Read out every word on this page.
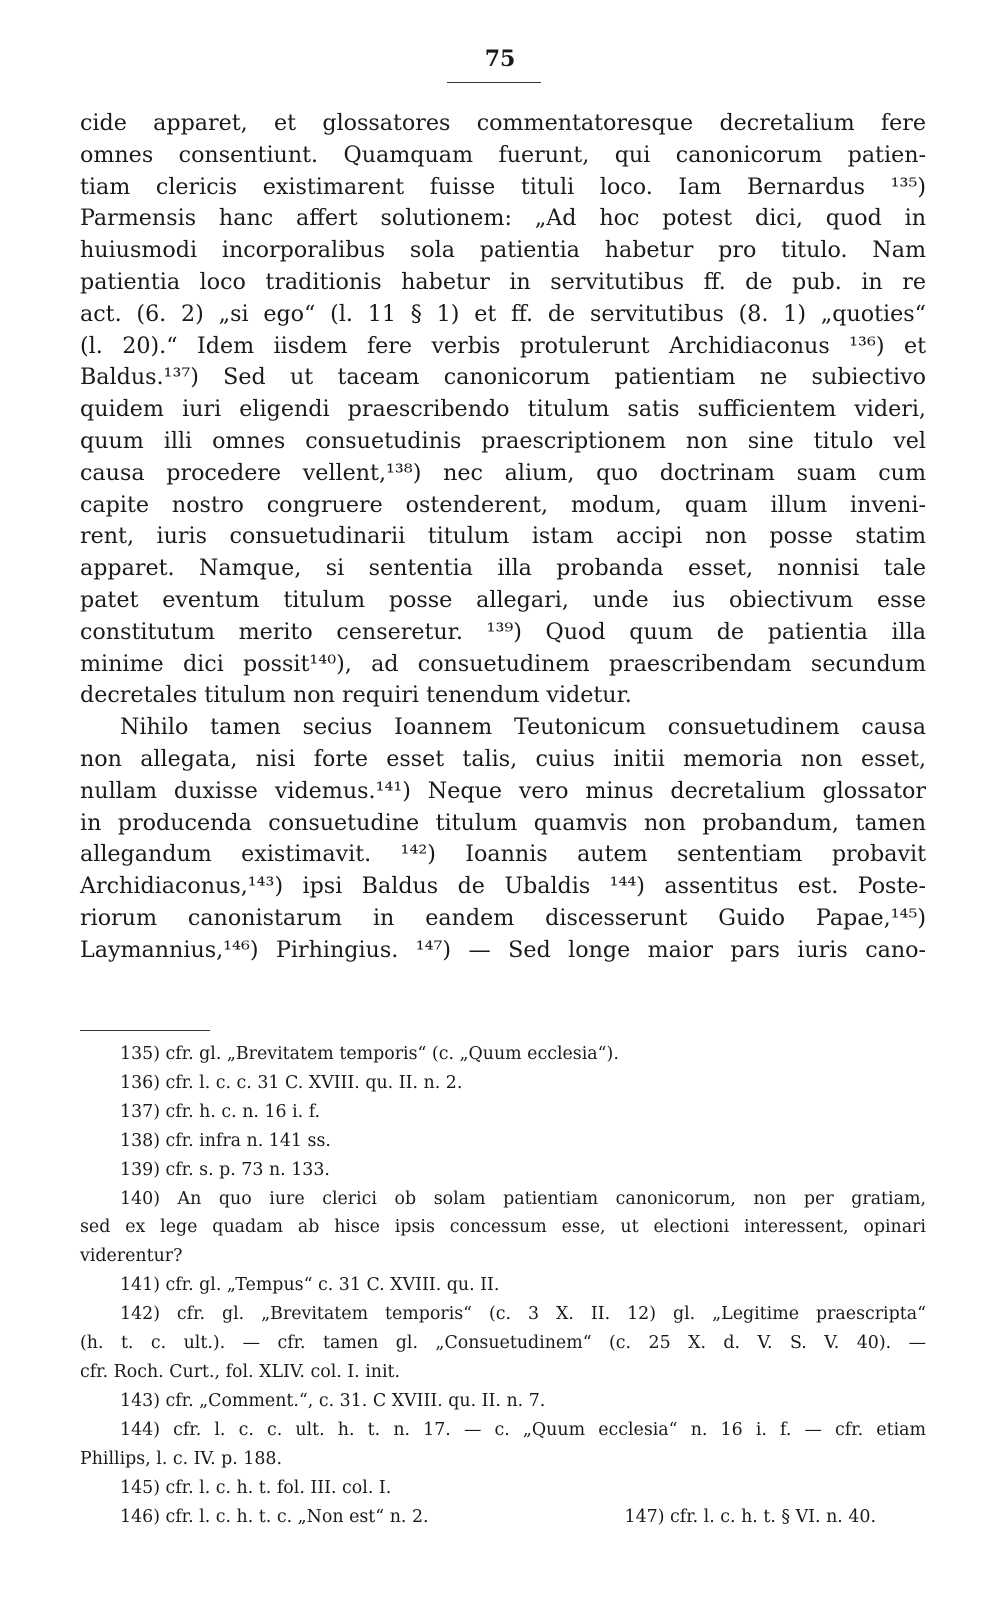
75
cide apparet, et glossatores commentatoresque decretalium fere
omnes consentiunt. Quamquam fuerunt, qui canonicorum patien-
tiam clericis existimarent fuisse tituli loco. Iam Bernardus ¹³⁵)
Parmensis hanc affert solutionem: „Ad hoc potest dici, quod in
huiusmodi incorporalibus sola patientia habetur pro titulo. Nam
patientia loco traditionis habetur in servitutibus ff. de pub. in re
act. (6. 2) „si ego“ (l. 11 § 1) et ff. de servitutibus (8. 1) „quoties“
(l. 20).“ Idem iisdem fere verbis protulerunt Archidiaconus ¹³⁶) et
Baldus.¹³⁷) Sed ut taceam canonicorum patientiam ne subiectivo
quidem iuri eligendi praescribendo titulum satis sufficientem videri,
quum illi omnes consuetudinis praescriptionem non sine titulo vel
causa procedere vellent,¹³⁸) nec alium, quo doctrinam suam cum
capite nostro congruere ostenderent, modum, quam illum inveni-
rent, iuris consuetudinarii titulum istam accipi non posse statim
apparet. Namque, si sententia illa probanda esset, nonnisi tale
patet eventum titulum posse allegari, unde ius obiectivum esse
constitutum merito censeretur. ¹³⁹) Quod quum de patientia illa
minime dici possit¹⁴⁰), ad consuetudinem praescribendam secundum
decretales titulum non requiri tenendum videtur.
Nihilo tamen secius Ioannem Teutonicum consuetudinem causa
non allegata, nisi forte esset talis, cuius initii memoria non esset,
nullam duxisse videmus.¹⁴¹) Neque vero minus decretalium glossator
in producenda consuetudine titulum quamvis non probandum, tamen
allegandum existimavit. ¹⁴²) Ioannis autem sententiam probavit
Archidiaconus,¹⁴³) ipsi Baldus de Ubaldis ¹⁴⁴) assentitus est. Poste-
riorum canonistarum in eandem discesserunt Guido Papae,¹⁴⁵)
Laymannius,¹⁴⁶) Pirhingius. ¹⁴⁷) — Sed longe maior pars iuris cano-
135) cfr. gl. „Brevitatem temporis“ (c. „Quum ecclesia“).
136) cfr. l. c. c. 31 C. XVIII. qu. II. n. 2.
137) cfr. h. c. n. 16 i. f.
138) cfr. infra n. 141 ss.
139) cfr. s. p. 73 n. 133.
140) An quo iure clerici ob solam patientiam canonicorum, non per gratiam,
sed ex lege quadam ab hisce ipsis concessum esse, ut electioni interessent, opinari
viderentur?
141) cfr. gl. „Tempus“ c. 31 C. XVIII. qu. II.
142) cfr. gl. „Brevitatem temporis“ (c. 3 X. II. 12) gl. „Legitime praescripta“
(h. t. c. ult.). — cfr. tamen gl. „Consuetudinem“ (c. 25 X. d. V. S. V. 40). —
cfr. Roch. Curt., fol. XLIV. col. I. init.
143) cfr. „Comment.“, c. 31. C XVIII. qu. II. n. 7.
144) cfr. l. c. c. ult. h. t. n. 17. — c. „Quum ecclesia“ n. 16 i. f. — cfr. etiam
Phillips, l. c. IV. p. 188.
145) cfr. l. c. h. t. fol. III. col. I.
146) cfr. l. c. h. t. c. „Non est“ n. 2.	147) cfr. l. c. h. t. § VI. n. 40.
